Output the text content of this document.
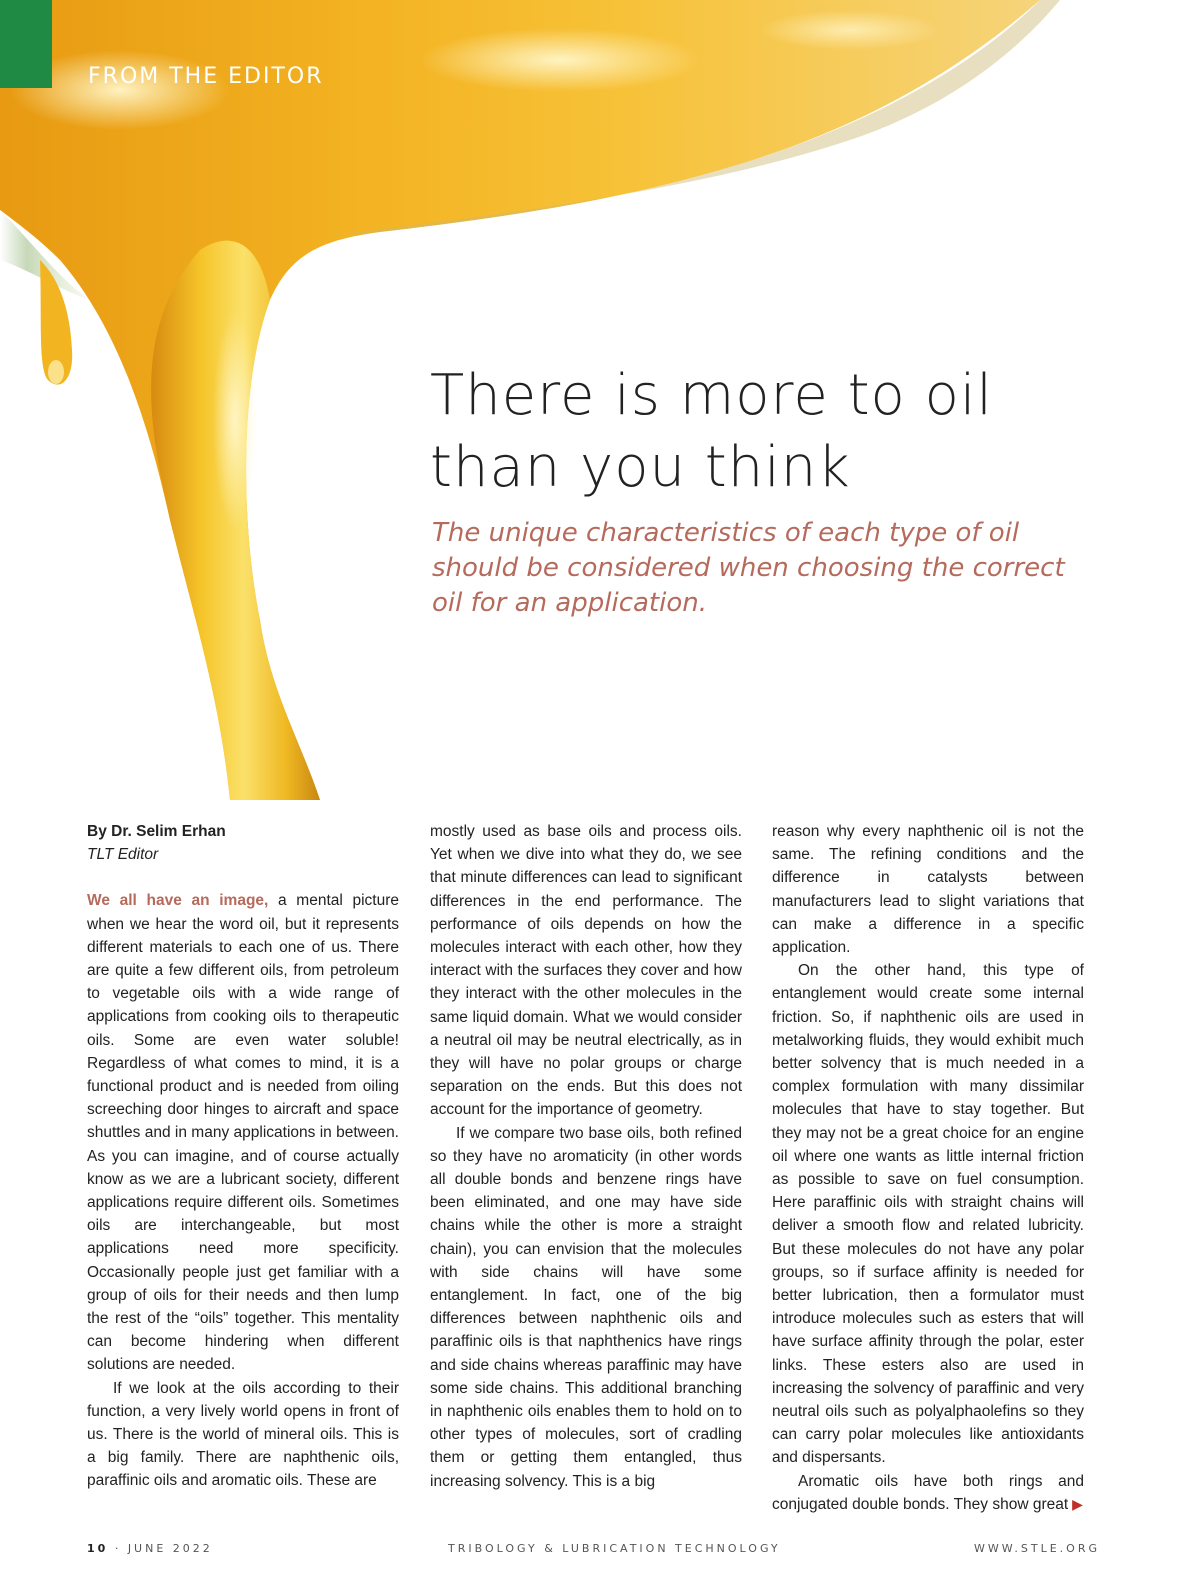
FROM THE EDITOR
There is more to oil
than you think
The unique characteristics of each type of oil should be considered when choosing the correct oil for an application.
By Dr. Selim Erhan
TLT Editor

We all have an image, a mental picture when we hear the word oil, but it represents different materials to each one of us. There are quite a few different oils, from petroleum to vegetable oils with a wide range of applications from cooking oils to therapeutic oils. Some are even water soluble! Regardless of what comes to mind, it is a functional product and is needed from oiling screeching door hinges to aircraft and space shuttles and in many applications in between. As you can imagine, and of course actually know as we are a lubricant society, different applications require different oils. Sometimes oils are interchangeable, but most applications need more specificity. Occasionally people just get familiar with a group of oils for their needs and then lump the rest of the “oils” together. This mentality can become hindering when different solutions are needed.

If we look at the oils according to their function, a very lively world opens in front of us. There is the world of mineral oils. This is a big family. There are naphthenic oils, paraffinic oils and aromatic oils. These are

mostly used as base oils and process oils. Yet when we dive into what they do, we see that minute differences can lead to significant differences in the end performance. The performance of oils depends on how the molecules interact with each other, how they interact with the surfaces they cover and how they interact with the other molecules in the same liquid domain. What we would consider a neutral oil may be neutral electrically, as in they will have no polar groups or charge separation on the ends. But this does not account for the importance of geometry.

If we compare two base oils, both refined so they have no aromaticity (in other words all double bonds and benzene rings have been eliminated, and one may have side chains while the other is more a straight chain), you can envision that the molecules with side chains will have some entanglement. In fact, one of the big differences between naphthenic oils and paraffinic oils is that naphthenics have rings and side chains whereas paraffinic may have some side chains. This additional branching in naphthenic oils enables them to hold on to other types of molecules, sort of cradling them or getting them entangled, thus increasing solvency. This is a big

reason why every naphthenic oil is not the same. The refining conditions and the difference in catalysts between manufacturers lead to slight variations that can make a difference in a specific application.

On the other hand, this type of entanglement would create some internal friction. So, if naphthenic oils are used in metalworking fluids, they would exhibit much better solvency that is much needed in a complex formulation with many dissimilar molecules that have to stay together. But they may not be a great choice for an engine oil where one wants as little internal friction as possible to save on fuel consumption. Here paraffinic oils with straight chains will deliver a smooth flow and related lubricity. But these molecules do not have any polar groups, so if surface affinity is needed for better lubrication, then a formulator must introduce molecules such as esters that will have surface affinity through the polar, ester links. These esters also are used in increasing the solvency of paraffinic and very neutral oils such as polyalphaolefins so they can carry polar molecules like antioxidants and dispersants.

Aromatic oils have both rings and conjugated double bonds. They show great ▶

10 · JUNE 2022	TRIBOLOGY & LUBRICATION TECHNOLOGY	WWW.STLE.ORG
